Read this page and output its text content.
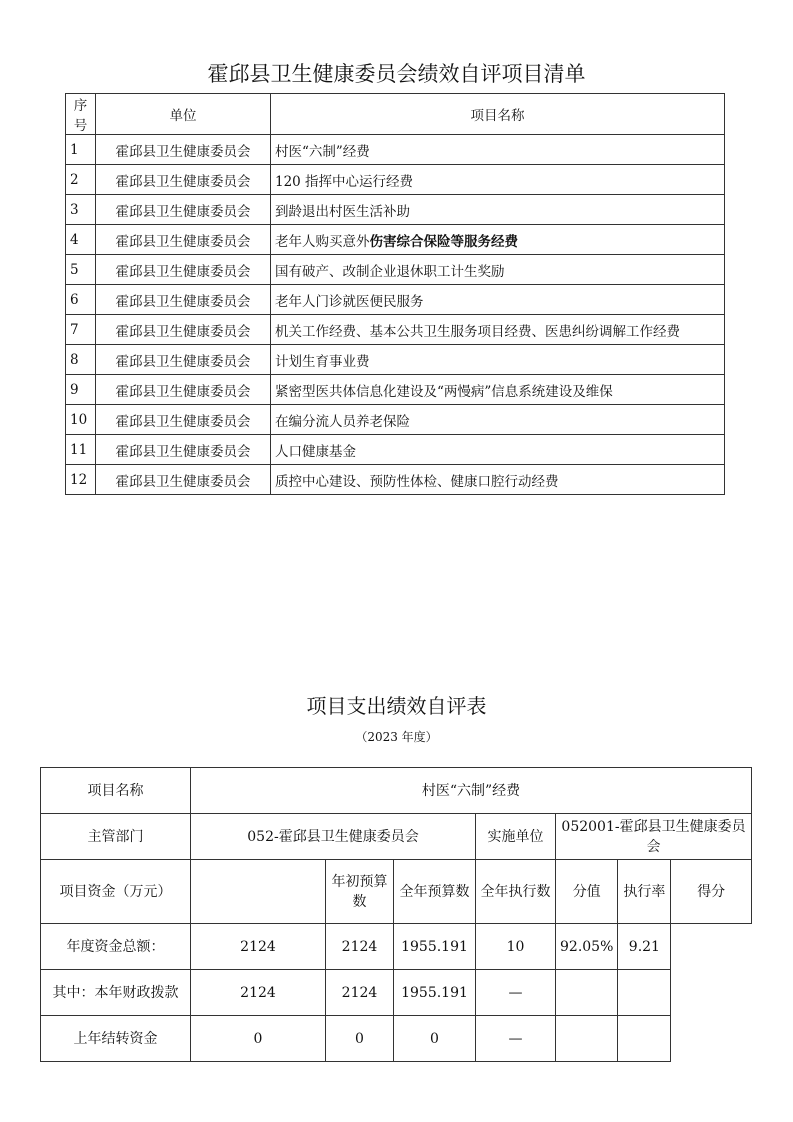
霍邱县卫生健康委员会绩效自评项目清单
序号	单位	项目名称
1	霍邱县卫生健康委员会	村医“六制”经费
2	霍邱县卫生健康委员会	120 指挥中心运行经费
3	霍邱县卫生健康委员会	到龄退出村医生活补助
4	霍邱县卫生健康委员会	老年人购买意外伤害综合保险等服务经费
5	霍邱县卫生健康委员会	国有破产、改制企业退休职工计生奖励
6	霍邱县卫生健康委员会	老年人门诊就医便民服务
7	霍邱县卫生健康委员会	机关工作经费、基本公共卫生服务项目经费、医患纠纷调解工作经费
8	霍邱县卫生健康委员会	计划生育事业费
9	霍邱县卫生健康委员会	紧密型医共体信息化建设及“两慢病”信息系统建设及维保
10	霍邱县卫生健康委员会	在编分流人员养老保险
11	霍邱县卫生健康委员会	人口健康基金
12	霍邱县卫生健康委员会	质控中心建设、预防性体检、健康口腔行动经费
项目支出绩效自评表
（2023 年度）
项目名称	村医“六制”经费						
主管部门	052-霍邱县卫生健康委员会			实施单位	052001-霍邱县卫生健康委员会		
项目资金（万元）		年初预算数	全年预算数	全年执行数	分值	执行率	得分
年度资金总额：	2124	2124	1955.191	10	92.05%	9.21	
其中：本年财政拨款	2124	2124	1955.191	—			
上年结转资金	0	0	0	—			
